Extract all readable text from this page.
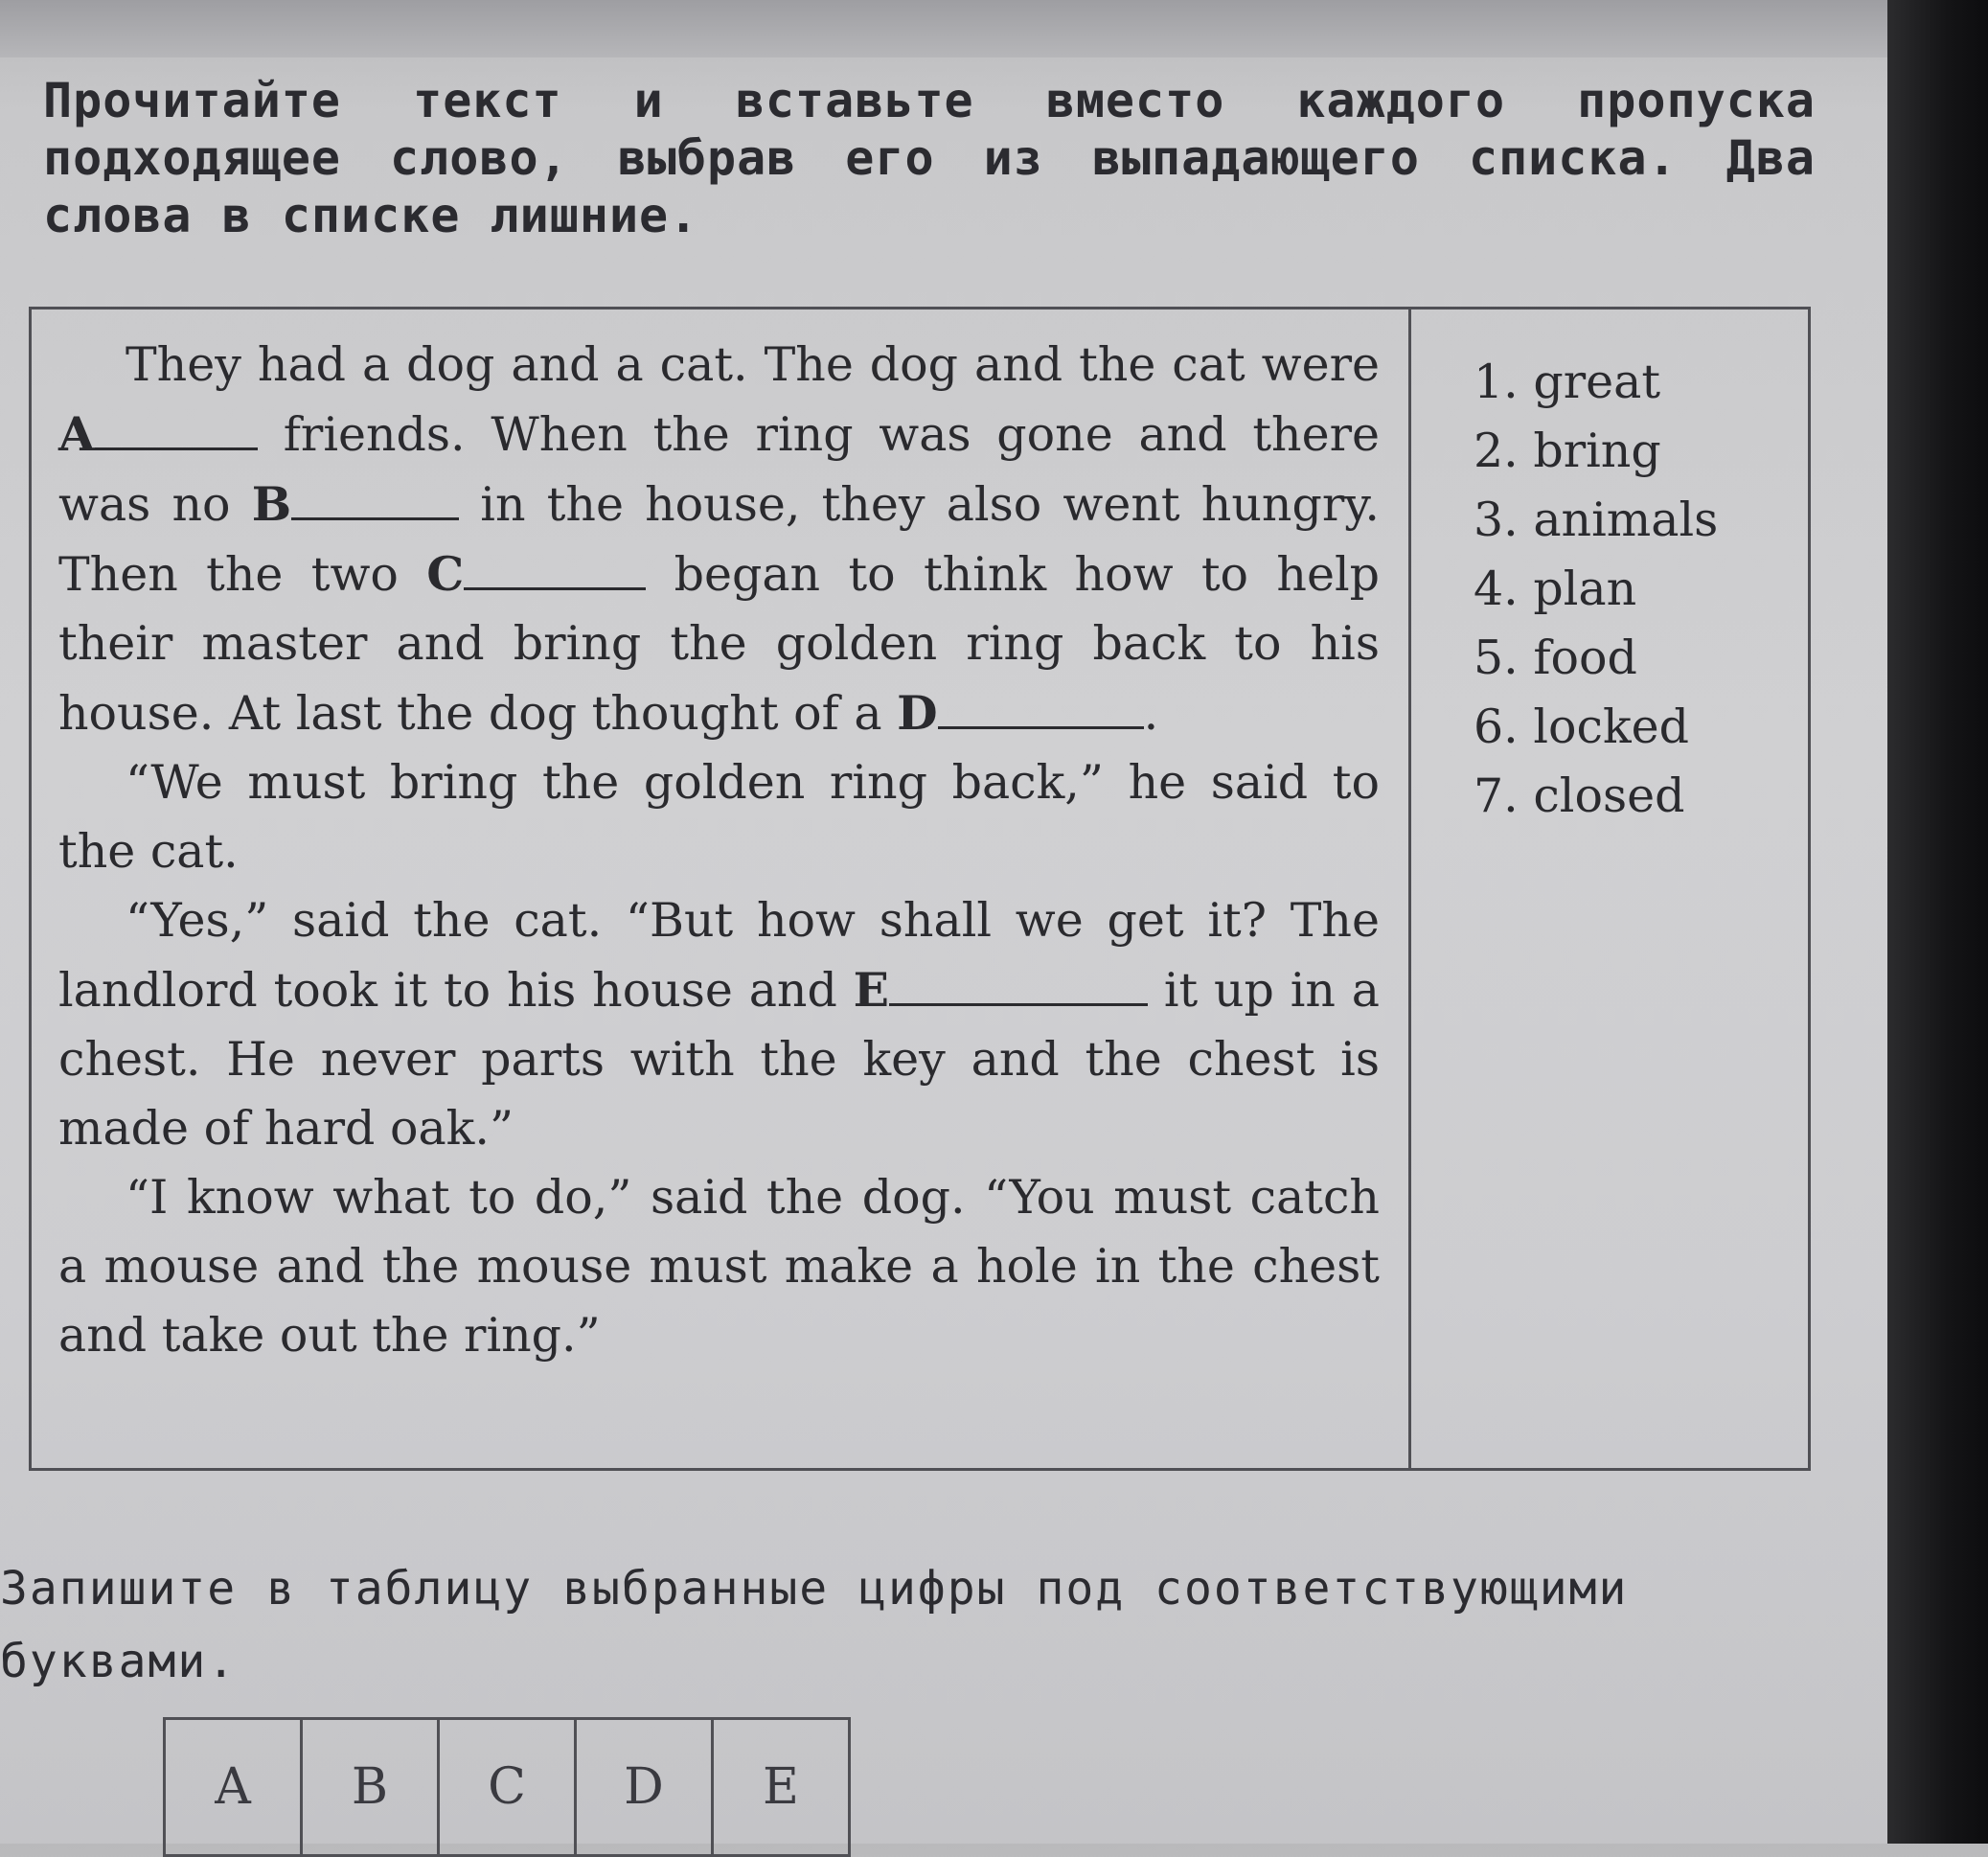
Прочитайте текст и вставьте вместо каждого пропуска подходящее слово, выбрав его из выпадающего списка. Два слова в списке лишние.

They had a dog and a cat. The dog and the cat were A	friends. When the ring was gone and there was no B	in the house, they also went hungry. Then the two C	began to think how to help their master and bring the golden ring back to his house. At last the dog thought of a D	.

“We must bring the golden ring back,” he said to the cat.

“Yes,” said the cat. “But how shall we get it? The landlord took it to his house and E	it up in a chest. He never parts with the key and the chest is made of hard oak.”

“I know what to do,” said the dog. “You must catch a mouse and the mouse must make a hole in the chest and take out the ring.”

1. great
2. bring
3. animals
4. plan
5. food
6. locked
7. closed
Запишите в таблицу выбранные цифры под соответствующими буквами.
A	B	C	D	E
